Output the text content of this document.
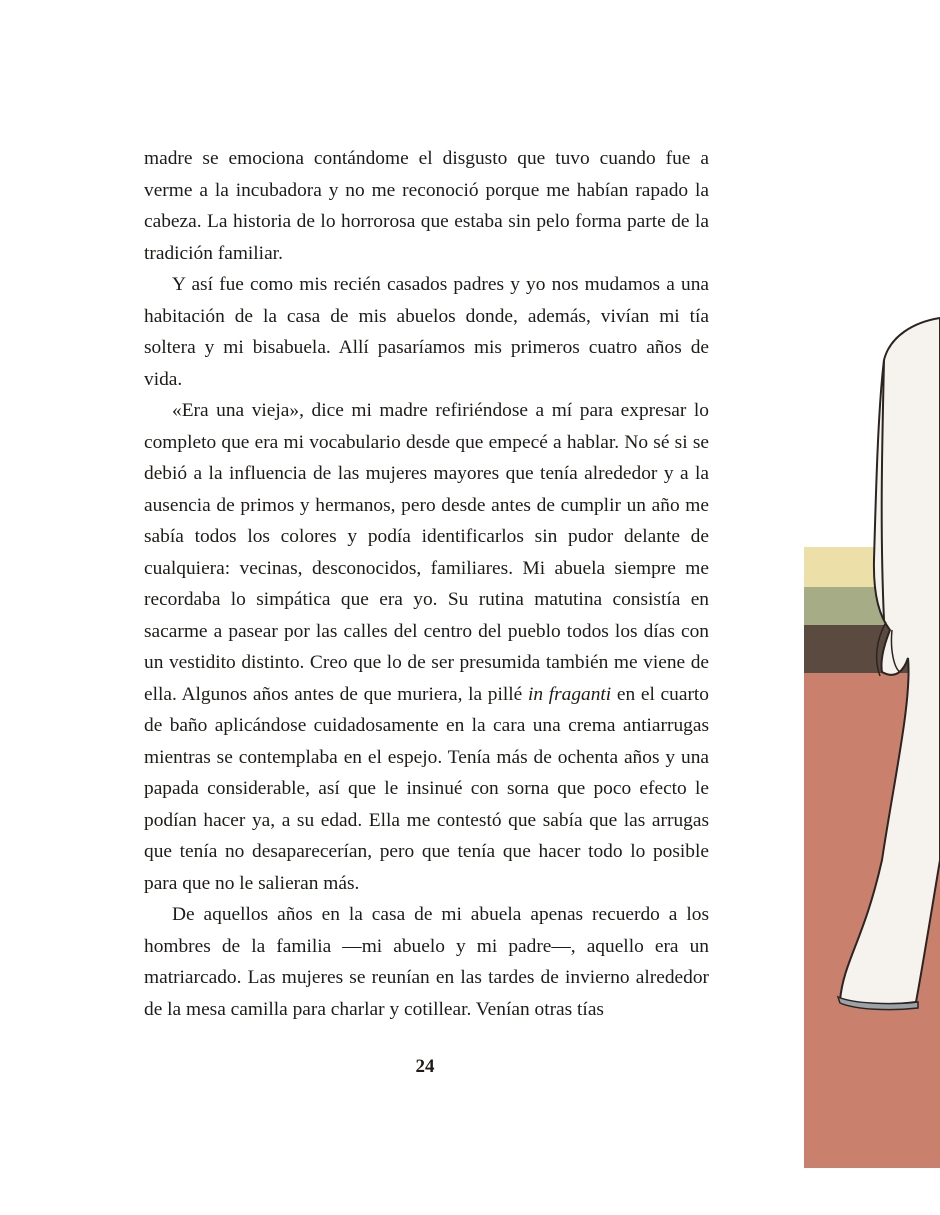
madre se emociona contándome el disgusto que tuvo cuando fue a verme a la incubadora y no me reconoció porque me habían rapado la cabeza. La historia de lo horrorosa que estaba sin pelo forma parte de la tradición familiar.

Y así fue como mis recién casados padres y yo nos mudamos a una habitación de la casa de mis abuelos donde, además, vivían mi tía soltera y mi bisabuela. Allí pasaríamos mis primeros cuatro años de vida.

«Era una vieja», dice mi madre refiriéndose a mí para expresar lo completo que era mi vocabulario desde que empecé a hablar. No sé si se debió a la influencia de las mujeres mayores que tenía alrededor y a la ausencia de primos y hermanos, pero desde antes de cumplir un año me sabía todos los colores y podía identificarlos sin pudor delante de cualquiera: vecinas, desconocidos, familiares. Mi abuela siempre me recordaba lo simpática que era yo. Su rutina matutina consistía en sacarme a pasear por las calles del centro del pueblo todos los días con un vestidito distinto. Creo que lo de ser presumida también me viene de ella. Algunos años antes de que muriera, la pillé in fraganti en el cuarto de baño aplicándose cuidadosamente en la cara una crema antiarrugas mientras se contemplaba en el espejo. Tenía más de ochenta años y una papada considerable, así que le insinué con sorna que poco efecto le podían hacer ya, a su edad. Ella me contestó que sabía que las arrugas que tenía no desaparecerían, pero que tenía que hacer todo lo posible para que no le salieran más.

De aquellos años en la casa de mi abuela apenas recuerdo a los hombres de la familia —mi abuelo y mi padre—, aquello era un matriarcado. Las mujeres se reunían en las tardes de invierno alrededor de la mesa camilla para charlar y cotillear. Venían otras tías

24
